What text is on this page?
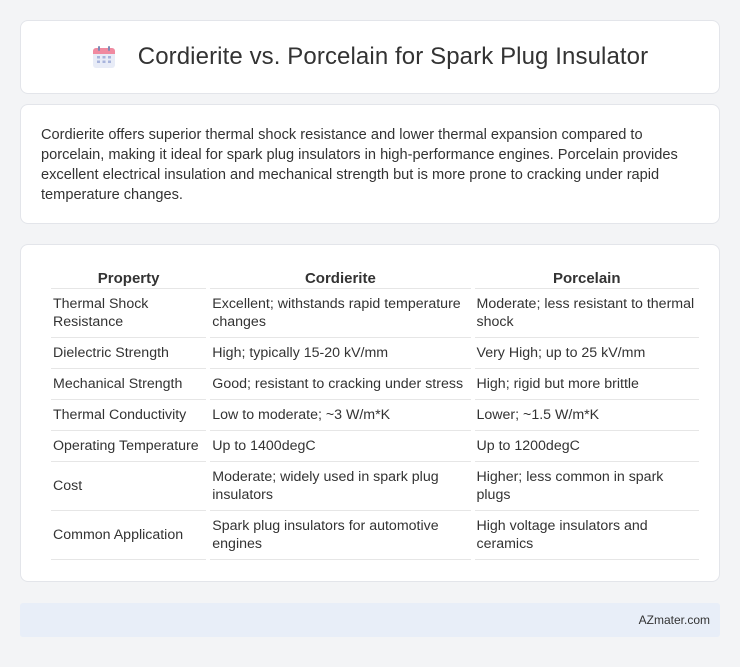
Cordierite vs. Porcelain for Spark Plug Insulator

Cordierite offers superior thermal shock resistance and lower thermal expansion compared to porcelain, making it ideal for spark plug insulators in high-performance engines. Porcelain provides excellent electrical insulation and mechanical strength but is more prone to cracking under rapid temperature changes.

Property	Cordierite	Porcelain
Thermal Shock Resistance	Excellent; withstands rapid temperature changes	Moderate; less resistant to thermal shock
Dielectric Strength	High; typically 15-20 kV/mm	Very High; up to 25 kV/mm
Mechanical Strength	Good; resistant to cracking under stress	High; rigid but more brittle
Thermal Conductivity	Low to moderate; ~3 W/m*K	Lower; ~1.5 W/m*K
Operating Temperature	Up to 1400degC	Up to 1200degC
Cost	Moderate; widely used in spark plug insulators	Higher; less common in spark plugs
Common Application	Spark plug insulators for automotive engines	High voltage insulators and ceramics
AZmater.com
